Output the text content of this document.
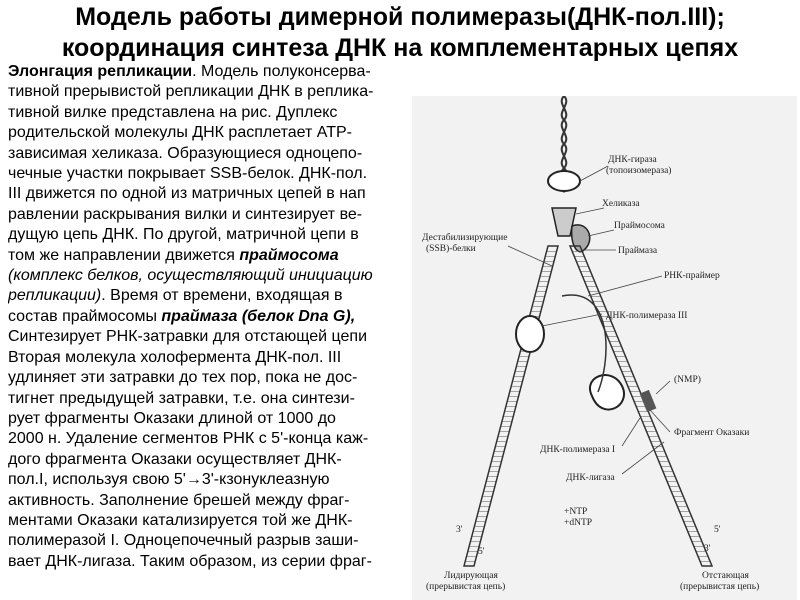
Модель работы димерной полимеразы(ДНК-пол.III);
координация синтеза ДНК на комплементарных цепях
Элонгация репликации. Модель полуконсерва-
тивной прерывистой репликации ДНК в реплика-
тивной вилке представлена на рис. Дуплекс
родительской молекулы ДНК расплетает АТР-
зависимая хеликаза. Образующиеся одноцепо-
чечные участки покрывает SSB-белок. ДНК-пол.
III движется по одной из матричных цепей в нап
равлении раскрывания вилки и синтезирует ве-
дущую цепь ДНК. По другой, матричной цепи в
том же направлении движется праймосома
(комплекс белков, осуществляющий инициацию
репликации). Время от времени, входящая в
состав праймосомы праймаза (белок Dna G),
Синтезирует РНК-затравки для отстающей цепи
Вторая молекула холофермента ДНК-пол. III
удлиняет эти затравки до тех пор, пока не дос-
тигнет предыдущей затравки, т.е. она синтези-
рует фрагменты Оказаки длиной от 1000 до
2000 н. Удаление сегментов РНК с 5'-конца каж-
дого фрагмента Оказаки осуществляет ДНК-
пол.I, используя свою 5'→3'-кзонуклеазную
активность. Заполнение брешей между фраг-
ментами Оказаки катализируется той же ДНК-
полимеразой I. Одноцепочечный разрыв заши-
вает ДНК-лигаза. Таким образом, из серии фраг-
ДНК-гираза
(топоизомераза)
Хеликаза
Праймосома
Праймаза
Дестабилизирующие
(SSB)-белки
РНК-праймер
ДНК-полимераза III
(NMP)
Фрагмент Оказаки
ДНК-полимераза I
ДНК-лигаза
+NTP
+dNTP
3'
5'	3'
5'
Лидирующая
(прерывистая цепь)
Отстающая
(прерывистая цепь)
